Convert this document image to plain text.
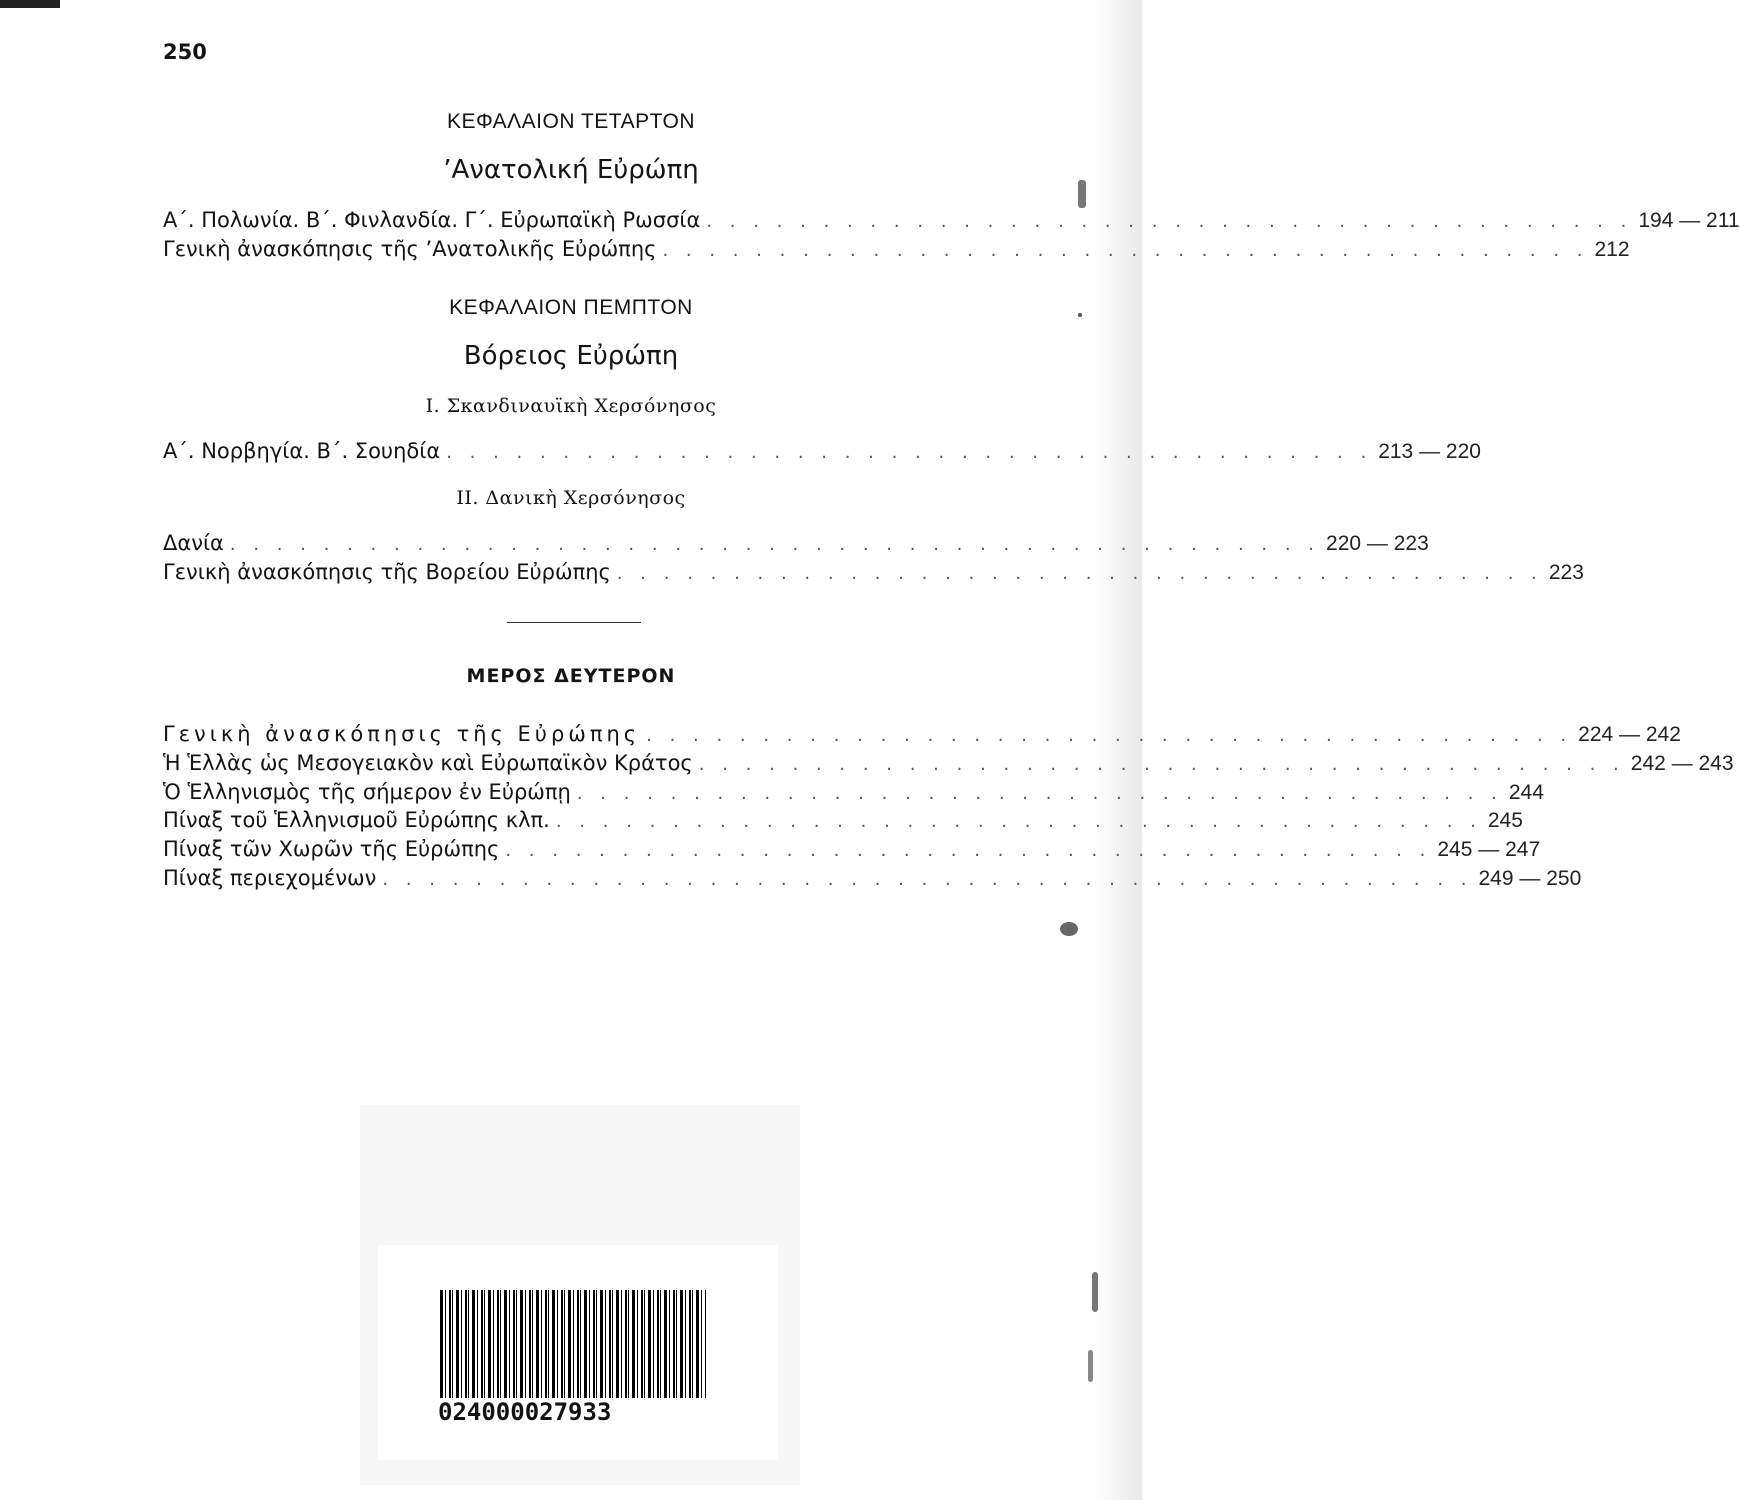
250
ΚΕΦΑΛΑΙΟΝ ΤΕΤΑΡΤΟΝ
’Ανατολική Εὐρώπη
Α΄. Πολωνία. Β΄. Φινλανδία. Γ΄. Εὐρωπαϊκὴ Ρωσσία . . . . . . . . . . . . . . . . . . . . . . . . . . . . . . . . . . . . . . . . 194 — 211
Γενικὴ ἀνασκόπησις τῆς ’Ανατολικῆς Εὐρώπης . . . . . . . . . . . . . . . . . . . . . . . . . . . . . . . . . . . . . . . . 212
ΚΕΦΑΛΑΙΟΝ ΠΕΜΠΤΟΝ
Βόρειος Εὐρώπη
I. Σκανδιναυϊκὴ Χερσόνησος
Α΄. Νορβηγία. Β΄. Σουηδία . . . . . . . . . . . . . . . . . . . . . . . . . . . . . . . . . . . . . . . . 213 — 220
II. Δανικὴ Χερσόνησος
Δανία . . . . . . . . . . . . . . . . . . . . . . . . . . . . . . . . . . . . . . . . . . . . . . . 220 — 223
Γενικὴ ἀνασκόπησις τῆς Βορείου Εὐρώπης . . . . . . . . . . . . . . . . . . . . . . . . . . . . . . . . . . . . . . . . 223
ΜΕΡΟΣ ΔΕΥΤΕΡΟΝ
Γενικὴ ἀνασκόπησις τῆς Εὐρώπης . . . . . . . . . . . . . . . . . . . . . . . . . . . . . . . . . . . . . . . . 224 — 242
Ἡ Ἑλλὰς ὡς Μεσογειακὸν καὶ Εὐρωπαϊκὸν Κράτος . . . . . . . . . . . . . . . . . . . . . . . . . . . . . . . . . . . . . . . . 242 — 243
Ὁ Ἑλληνισμὸς τῆς σήμερον ἐν Εὐρώπῃ . . . . . . . . . . . . . . . . . . . . . . . . . . . . . . . . . . . . . . . . 244
Πίναξ τοῦ Ἑλληνισμοῦ Εὐρώπης κλπ. . . . . . . . . . . . . . . . . . . . . . . . . . . . . . . . . . . . . . . . . 245
Πίναξ τῶν Χωρῶν τῆς Εὐρώπης . . . . . . . . . . . . . . . . . . . . . . . . . . . . . . . . . . . . . . . . 245 — 247
Πίναξ περιεχομένων . . . . . . . . . . . . . . . . . . . . . . . . . . . . . . . . . . . . . . . . . . . . . . . 249 — 250
024000027933
